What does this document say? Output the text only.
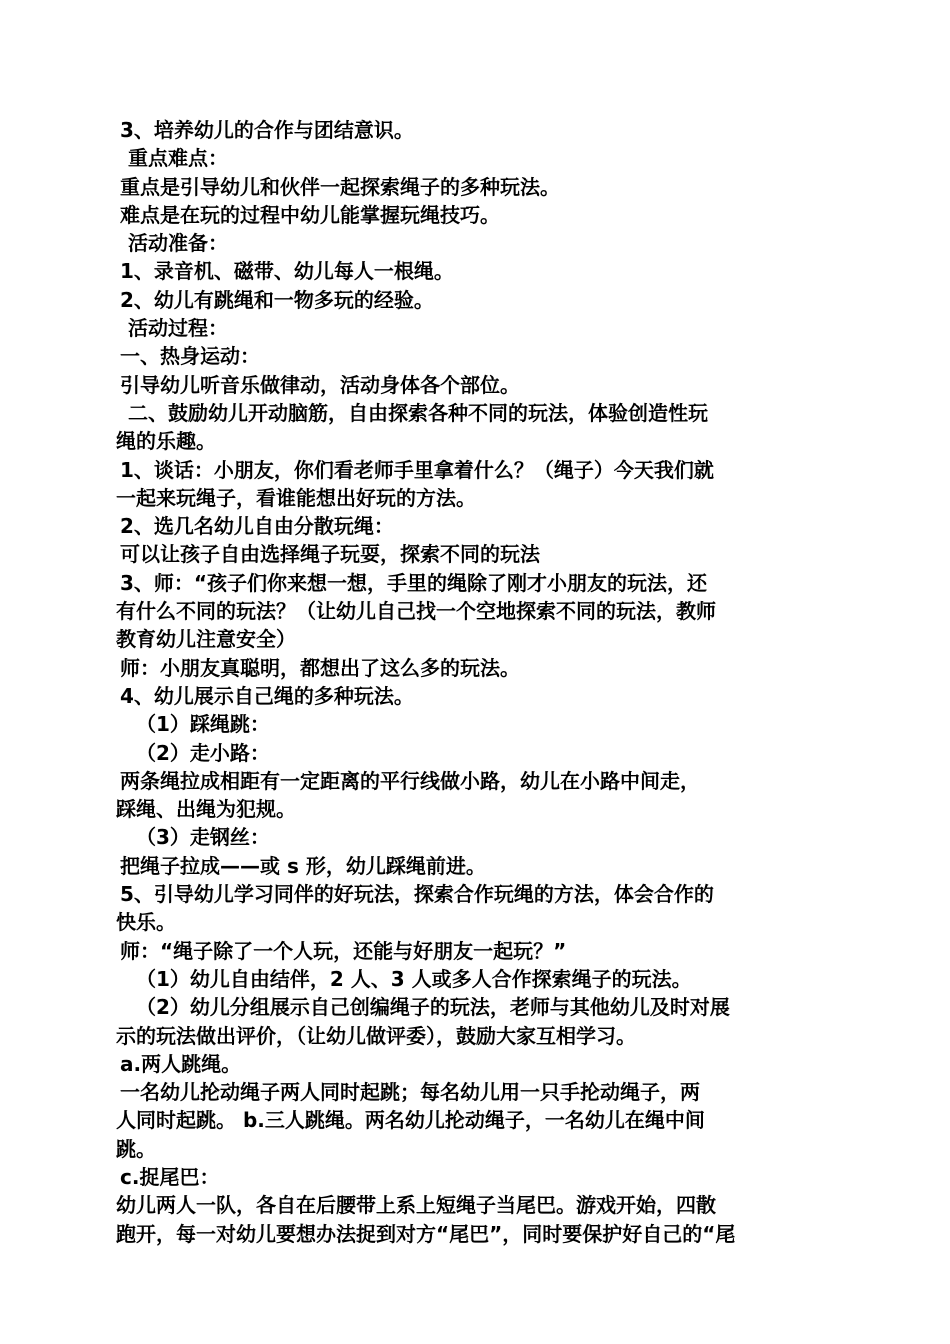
3、培养幼儿的合作与团结意识。
重点难点：
重点是引导幼儿和伙伴一起探索绳子的多种玩法。
难点是在玩的过程中幼儿能掌握玩绳技巧。
活动准备：
1、录音机、磁带、幼儿每人一根绳。
2、幼儿有跳绳和一物多玩的经验。
活动过程：
一、热身运动：
引导幼儿听音乐做律动，活动身体各个部位。
二、鼓励幼儿开动脑筋，自由探索各种不同的玩法，体验创造性玩
绳的乐趣。
1、谈话：小朋友，你们看老师手里拿着什么？（绳子）今天我们就
一起来玩绳子，看谁能想出好玩的方法。
2、选几名幼儿自由分散玩绳：
可以让孩子自由选择绳子玩耍，探索不同的玩法
3、师：“孩子们你来想一想，手里的绳除了刚才小朋友的玩法，还
有什么不同的玩法？（让幼儿自己找一个空地探索不同的玩法，教师
教育幼儿注意安全）
师：小朋友真聪明，都想出了这么多的玩法。
4、幼儿展示自己绳的多种玩法。
（1）踩绳跳：
（2）走小路：
两条绳拉成相距有一定距离的平行线做小路，幼儿在小路中间走，
踩绳、出绳为犯规。
（3）走钢丝：
把绳子拉成——或 s 形，幼儿踩绳前进。
5、引导幼儿学习同伴的好玩法，探索合作玩绳的方法，体会合作的
快乐。
师：“绳子除了一个人玩，还能与好朋友一起玩？”
（1）幼儿自由结伴，2 人、3 人或多人合作探索绳子的玩法。
（2）幼儿分组展示自己创编绳子的玩法，老师与其他幼儿及时对展
示的玩法做出评价，（让幼儿做评委），鼓励大家互相学习。
a.两人跳绳。
一名幼儿抡动绳子两人同时起跳；每名幼儿用一只手抡动绳子，两
人同时起跳。 b.三人跳绳。两名幼儿抡动绳子，一名幼儿在绳中间
跳。
c.捉尾巴：
幼儿两人一队，各自在后腰带上系上短绳子当尾巴。游戏开始，四散
跑开，每一对幼儿要想办法捉到对方“尾巴”，同时要保护好自己的“尾
